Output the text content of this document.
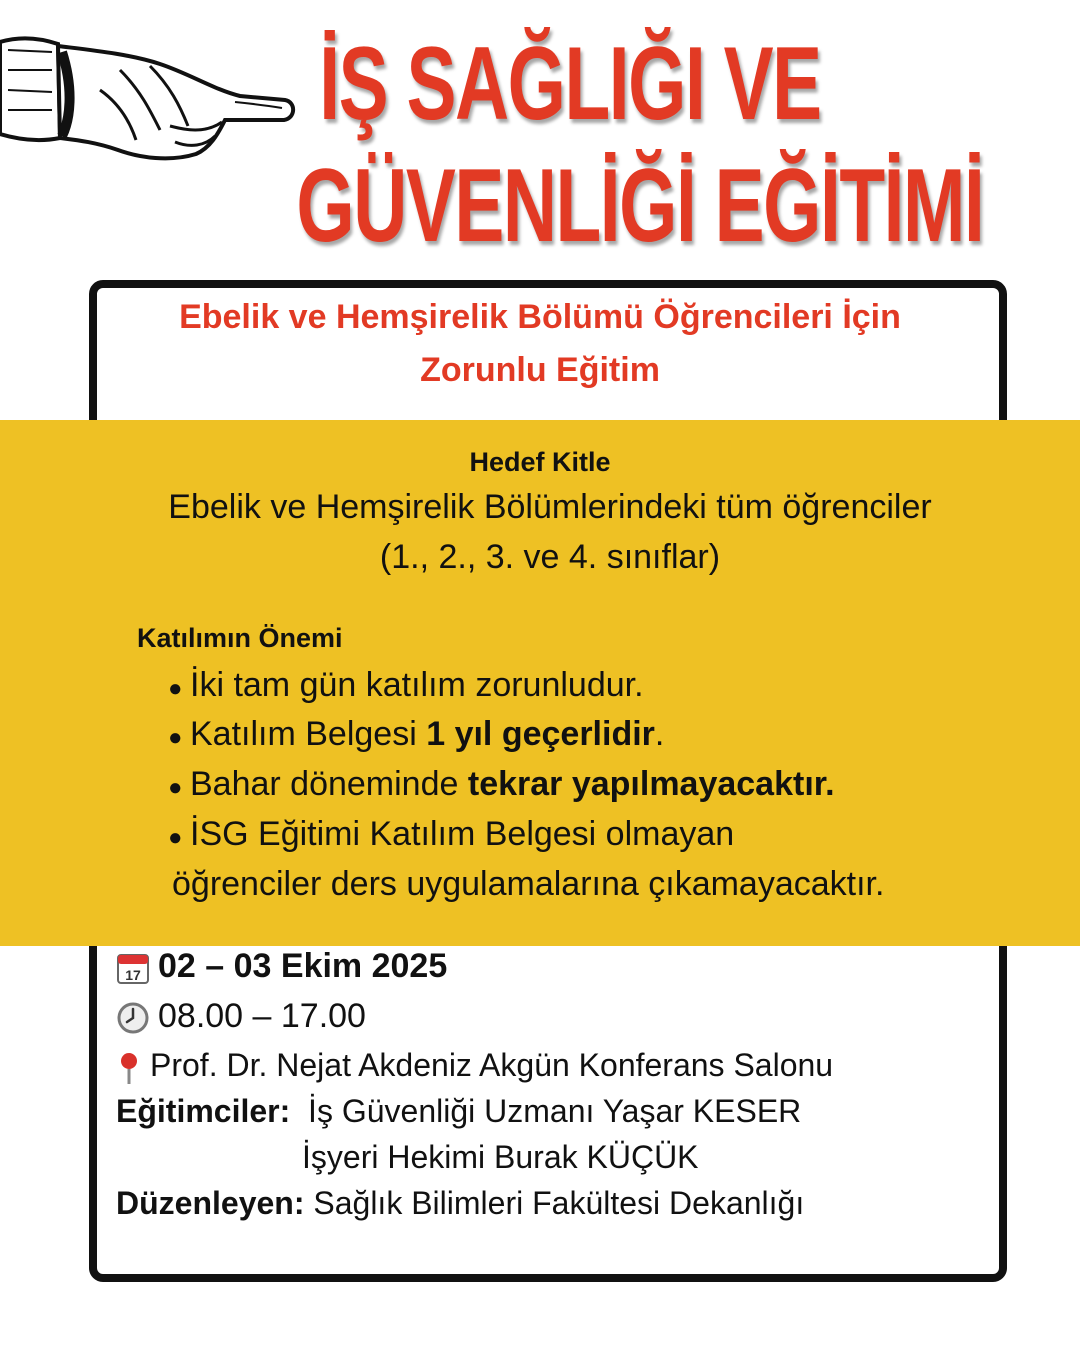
İŞ SAĞLIĞI VE
GÜVENLİĞİ EĞİTİMİ
Ebelik ve Hemşirelik Bölümü Öğrencileri İçin
Zorunlu Eğitim
Hedef Kitle
Ebelik ve Hemşirelik Bölümlerindeki tüm öğrenciler
(1., 2., 3. ve 4. sınıflar)
Katılımın Önemi
● İki tam gün katılım zorunludur.
● Katılım Belgesi 1 yıl geçerlidir.
● Bahar döneminde tekrar yapılmayacaktır.
● İSG Eğitimi Katılım Belgesi olmayan
öğrenciler ders uygulamalarına çıkamayacaktır.
17 02 – 03 Ekim 2025
08.00 – 17.00
Prof. Dr. Nejat Akdeniz Akgün Konferans Salonu
Eğitimciler: İş Güvenliği Uzmanı Yaşar KESER
İşyeri Hekimi Burak KÜÇÜK
Düzenleyen: Sağlık Bilimleri Fakültesi Dekanlığı
